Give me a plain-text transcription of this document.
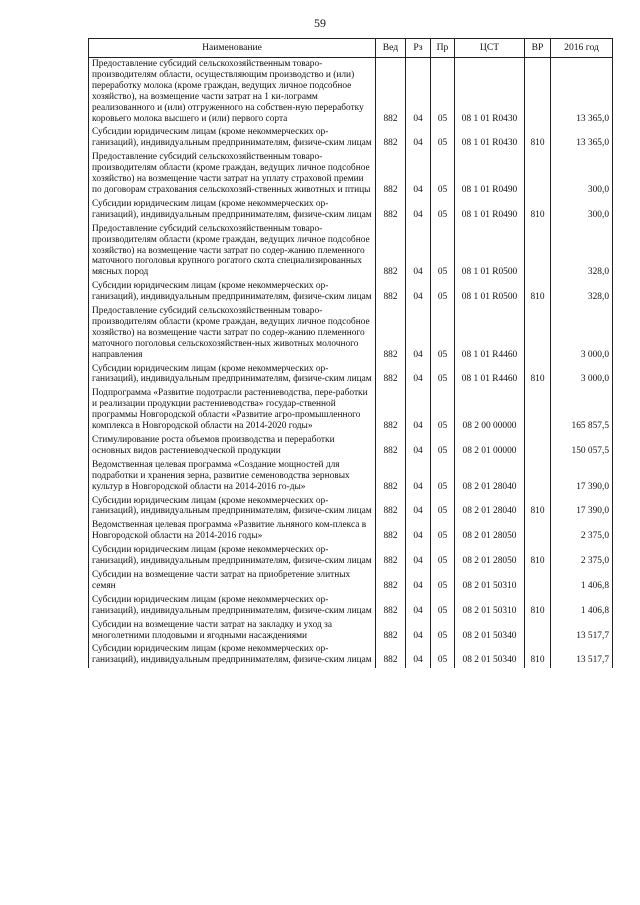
59
Наименование	Вед	Рз	Пр	ЦСТ	ВР	2016 год
Предоставление субсидий сельскохозяйственным товаро-производителям области, осуществляющим производство и (или) переработку молока (кроме граждан, ведущих личное подсобное хозяйство), на возмещение части затрат на 1 ки-лограмм реализованного и (или) отгруженного на собствен-ную переработку коровьего молока высшего и (или) первого сорта	882	04	05	08 1 01 R0430		13 365,0
Субсидии юридическим лицам (кроме некоммерческих ор-ганизаций), индивидуальным предпринимателям, физиче-ским лицам	882	04	05	08 1 01 R0430	810	13 365,0
Предоставление субсидий сельскохозяйственным товаро-производителям области (кроме граждан, ведущих личное подсобное хозяйство) на возмещение части затрат на уплату страховой премии по договорам страхования сельскохозяй-ственных животных и птицы	882	04	05	08 1 01 R0490		300,0
Субсидии юридическим лицам (кроме некоммерческих ор-ганизаций), индивидуальным предпринимателям, физиче-ским лицам	882	04	05	08 1 01 R0490	810	300,0
Предоставление субсидий сельскохозяйственным товаро-производителям области (кроме граждан, ведущих личное подсобное хозяйство) на возмещение части затрат по содер-жанию племенного маточного поголовья крупного рогатого скота специализированных мясных пород	882	04	05	08 1 01 R0500		328,0
Субсидии юридическим лицам (кроме некоммерческих ор-ганизаций), индивидуальным предпринимателям, физиче-ским лицам	882	04	05	08 1 01 R0500	810	328,0
Предоставление субсидий сельскохозяйственным товаро-производителям области (кроме граждан, ведущих личное подсобное хозяйство) на возмещение части затрат по содер-жанию племенного маточного поголовья сельскохозяйствен-ных животных молочного направления	882	04	05	08 1 01 R4460		3 000,0
Субсидии юридическим лицам (кроме некоммерческих ор-ганизаций), индивидуальным предпринимателям, физиче-ским лицам	882	04	05	08 1 01 R4460	810	3 000,0
Подпрограмма «Развитие подотрасли растениеводства, пере-работки и реализации продукции растениеводства» государ-ственной программы Новгородской области «Развитие агро-промышленного комплекса в Новгородской области на 2014-2020 годы»	882	04	05	08 2 00 00000		165 857,5
Стимулирование роста объемов производства и переработки основных видов растениеводческой продукции	882	04	05	08 2 01 00000		150 057,5
Ведомственная целевая программа «Создание мощностей для подработки и хранения зерна, развитие семеноводства зерновых культур в Новгородской области на 2014-2016 го-ды»	882	04	05	08 2 01 28040		17 390,0
Субсидии юридическим лицам (кроме некоммерческих ор-ганизаций), индивидуальным предпринимателям, физиче-ским лицам	882	04	05	08 2 01 28040	810	17 390,0
Ведомственная целевая программа «Развитие льняного ком-плекса в Новгородской области на 2014-2016 годы»	882	04	05	08 2 01 28050		2 375,0
Субсидии юридическим лицам (кроме некоммерческих ор-ганизаций), индивидуальным предпринимателям, физиче-ским лицам	882	04	05	08 2 01 28050	810	2 375,0
Субсидии на возмещение части затрат на приобретение элитных семян	882	04	05	08 2 01 50310		1 406,8
Субсидии юридическим лицам (кроме некоммерческих ор-ганизаций), индивидуальным предпринимателям, физиче-ским лицам	882	04	05	08 2 01 50310	810	1 406,8
Субсидии на возмещение части затрат на закладку и уход за многолетними плодовыми и ягодными насаждениями	882	04	05	08 2 01 50340		13 517,7
Субсидии юридическим лицам (кроме некоммерческих ор-ганизаций), индивидуальным предпринимателям, физиче-ским лицам	882	04	05	08 2 01 50340	810	13 517,7
